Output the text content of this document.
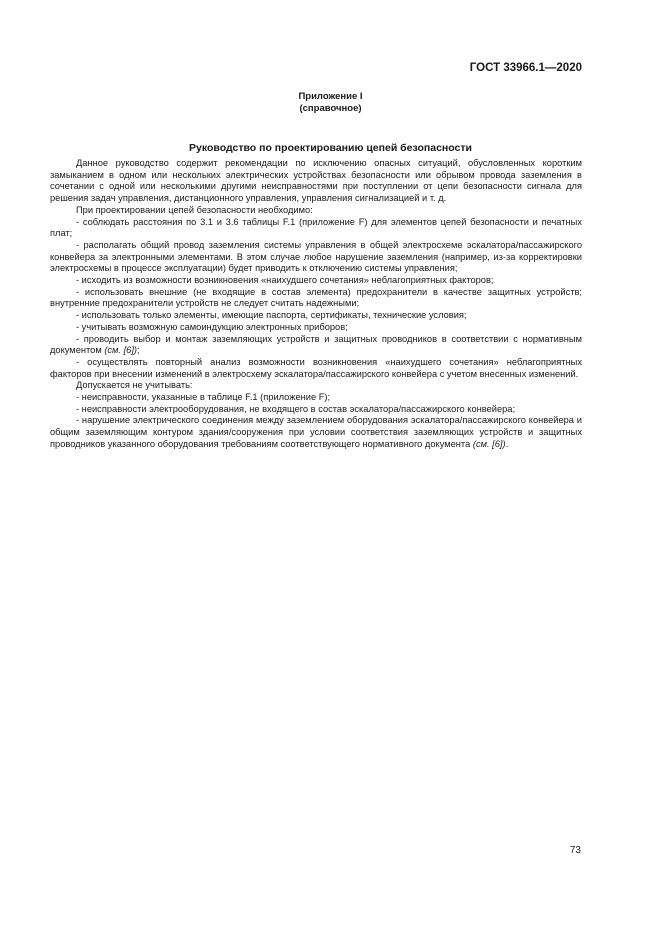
ГОСТ 33966.1—2020
Приложение I
(справочное)
Руководство по проектированию цепей безопасности

Данное руководство содержит рекомендации по исключению опасных ситуаций, обусловленных коротким замыканием в одном или нескольких электрических устройствах безопасности или обрывом провода заземления в сочетании с одной или несколькими другими неисправностями при поступлении от цепи безопасности сигнала для решения задач управления, дистанционного управления, управления сигнализацией и т. д.

При проектировании цепей безопасности необходимо:

- соблюдать расстояния по 3.1 и 3.6 таблицы F.1 (приложение F) для элементов цепей безопасности и печатных плат;

- располагать общий провод заземления системы управления в общей электросхеме эскалатора/пассажирского конвейера за электронными элементами. В этом случае любое нарушение заземления (например, из-за корректировки электросхемы в процессе эксплуатации) будет приводить к отключению системы управления;

- исходить из возможности возникновения «наихудшего сочетания» неблагоприятных факторов;

- использовать внешние (не входящие в состав элемента) предохранители в качестве защитных устройств; внутренние предохранители устройств не следует считать надежными;

- использовать только элементы, имеющие паспорта, сертификаты, технические условия;

- учитывать возможную самоиндукцию электронных приборов;

- проводить выбор и монтаж заземляющих устройств и защитных проводников в соответствии с нормативным документом (см. [6]);

- осуществлять повторный анализ возможности возникновения «наихудшего сочетания» неблагоприятных факторов при внесении изменений в электросхему эскалатора/пассажирского конвейера с учетом внесенных изменений.

Допускается не учитывать:

- неисправности, указанные в таблице F.1 (приложение F);

- неисправности электрооборудования, не входящего в состав эскалатора/пассажирского конвейера;

- нарушение электрического соединения между заземлением оборудования эскалатора/пассажирского конвейера и общим заземляющим контуром здания/сооружения при условии соответствия заземляющих устройств и защитных проводников указанного оборудования требованиям соответствующего нормативного документа (см. [6]).

73
